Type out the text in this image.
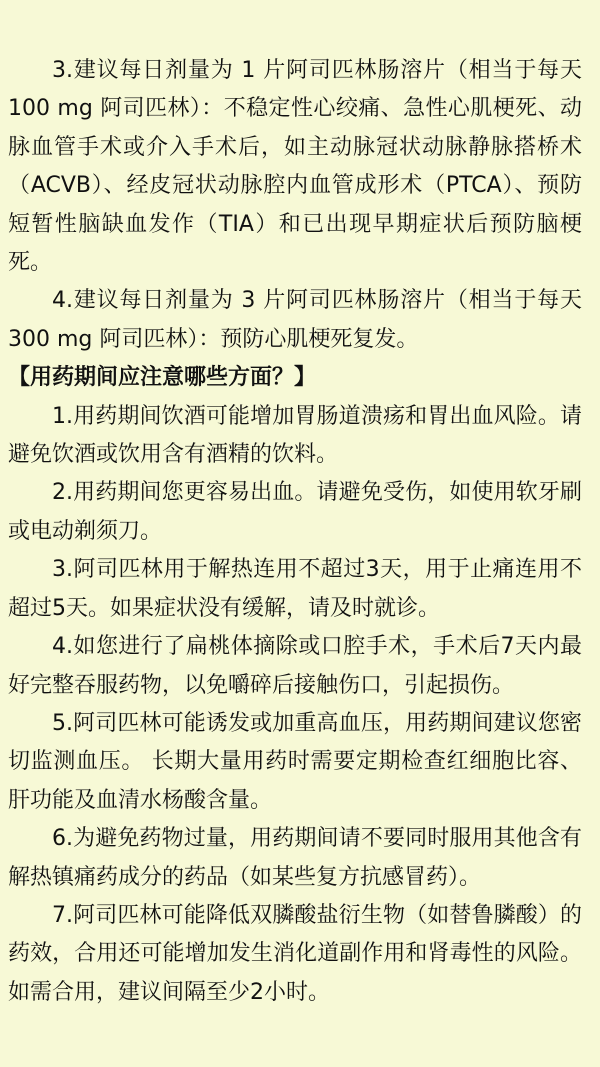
3.建议每日剂量为 1 片阿司匹林肠溶片（相当于每天 100 mg 阿司匹林）：不稳定性心绞痛、急性心肌梗死、动脉血管手术或介入手术后，如主动脉冠状动脉静脉搭桥术（ACVB）、经皮冠状动脉腔内血管成形术（PTCA）、预防短暂性脑缺血发作（TIA）和已出现早期症状后预防脑梗死。

4.建议每日剂量为 3 片阿司匹林肠溶片（相当于每天 300 mg 阿司匹林）：预防心肌梗死复发。

【用药期间应注意哪些方面？】

1.用药期间饮酒可能增加胃肠道溃疡和胃出血风险。请避免饮酒或饮用含有酒精的饮料。

2.用药期间您更容易出血。请避免受伤，如使用软牙刷或电动剃须刀。

3.阿司匹林用于解热连用不超过3天，用于止痛连用不超过5天。如果症状没有缓解，请及时就诊。

4.如您进行了扁桃体摘除或口腔手术，手术后7天内最好完整吞服药物，以免嚼碎后接触伤口，引起损伤。

5.阿司匹林可能诱发或加重高血压，用药期间建议您密切监测血压。 长期大量用药时需要定期检查红细胞比容、肝功能及血清水杨酸含量。

6.为避免药物过量，用药期间请不要同时服用其他含有解热镇痛药成分的药品（如某些复方抗感冒药）。

7.阿司匹林可能降低双膦酸盐衍生物（如替鲁膦酸）的药效，合用还可能增加发生消化道副作用和肾毒性的风险。如需合用，建议间隔至少2小时。
